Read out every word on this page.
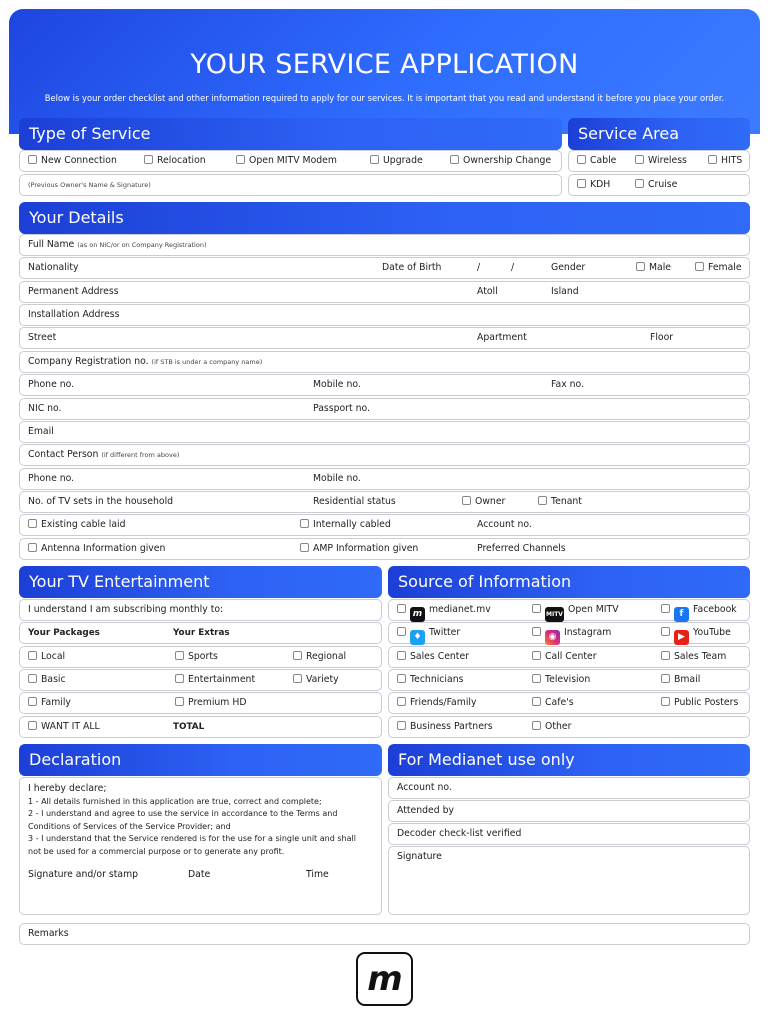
YOUR SERVICE APPLICATION
Below is your order checklist and other information required to apply for our services. It is important that you read and understand it before you place your order.
Type of Service	Service Area
New Connection	Relocation	Open MITV Modem	Upgrade	Ownership Change
(Previous Owner's Name & Signature)
Cable	Wireless	HITS
KDH	Cruise
Your Details
Full Name (as on NIC/or on Company Registration)
Nationality	Date of Birth	/	/	Gender	Male	Female
Permanent Address	Atoll	Island
Installation Address
Street	Apartment	Floor
Company Registration no. (if STB is under a company name)
Phone no.	Mobile no.	Fax no.
NIC no.	Passport no.
Email
Contact Person (if different from above)
Phone no.	Mobile no.
No. of TV sets in the household	Residential status	Owner	Tenant
Existing cable laid	Internally cabled	Account no.
Antenna Information given	AMP Information given	Preferred Channels
Your TV Entertainment	Source of Information
I understand I am subscribing monthly to:
Your Packages	Your Extras
Local	Sports	Regional
Basic	Entertainment	Variety
Family	Premium HD
WANT IT ALL	TOTAL
m medianet.mv	MITV Open MITV	f Facebook
♦ Twitter	◉ Instagram	▶ YouTube
Sales Center	Call Center	Sales Team
Technicians	Television	Bmail
Friends/Family	Cafe's	Public Posters
Business Partners	Other
Declaration	For Medianet use only
I hereby declare;
1 - All details furnished in this application are true, correct and complete;
2 - I understand and agree to use the service in accordance to the Terms and
Conditions of Services of the Service Provider; and
3 - I understand that the Service rendered is for the use for a single unit and shall
not be used for a commercial purpose or to generate any profit.
Signature and/or stamp	Date	Time
Account no.
Attended by
Decoder check-list verified
Signature
Remarks
m
